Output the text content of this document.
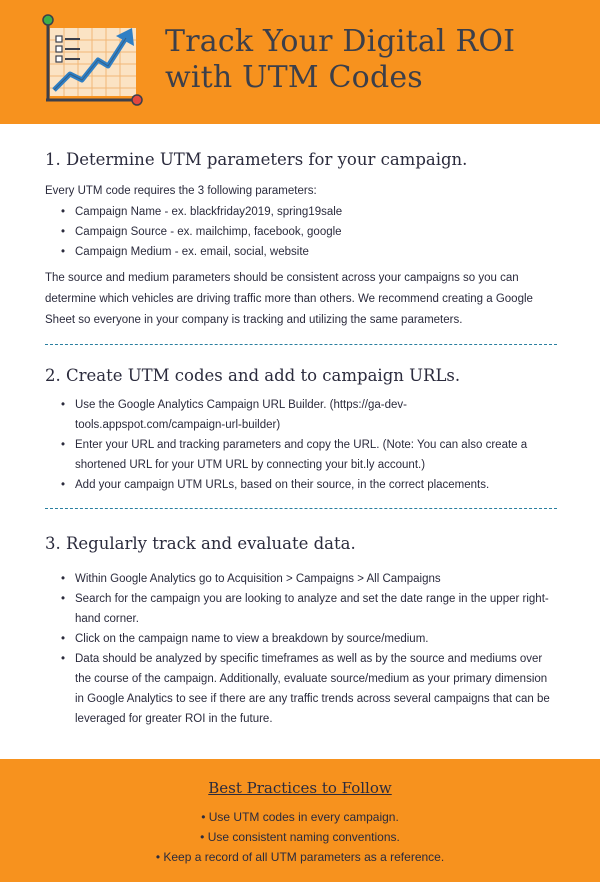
Track Your Digital ROI
with UTM Codes
1. Determine UTM parameters for your campaign.

Every UTM code requires the 3 following parameters:

• Campaign Name - ex. blackfriday2019, spring19sale
• Campaign Source - ex. mailchimp, facebook, google
• Campaign Medium - ex. email, social, website

The source and medium parameters should be consistent across your campaigns so you can determine which vehicles are driving traffic more than others. We recommend creating a Google Sheet so everyone in your company is tracking and utilizing the same parameters.

2. Create UTM codes and add to campaign URLs.
• Use the Google Analytics Campaign URL Builder. (https://ga-dev-tools.appspot.com/campaign-url-builder)
• Enter your URL and tracking parameters and copy the URL. (Note: You can also create a shortened URL for your UTM URL by connecting your bit.ly account.)
• Add your campaign UTM URLs, based on their source, in the correct placements.
3. Regularly track and evaluate data.
• Within Google Analytics go to Acquisition > Campaigns > All Campaigns
• Search for the campaign you are looking to analyze and set the date range in the upper right-hand corner.
• Click on the campaign name to view a breakdown by source/medium.
• Data should be analyzed by specific timeframes as well as by the source and mediums over the course of the campaign. Additionally, evaluate source/medium as your primary dimension in Google Analytics to see if there are any traffic trends across several campaigns that can be leveraged for greater ROI in the future.
Best Practices to Follow
• Use UTM codes in every campaign.
• Use consistent naming conventions.
• Keep a record of all UTM parameters as a reference.
